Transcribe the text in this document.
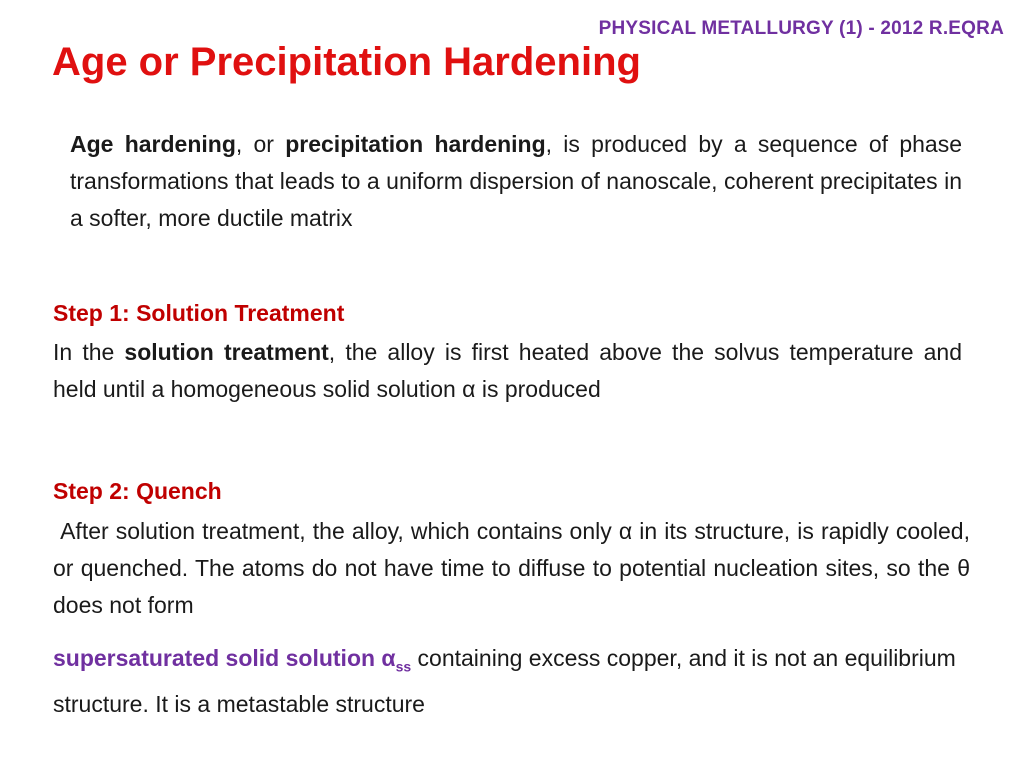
PHYSICAL METALLURGY (1) - 2012 R.EQRA
Age or Precipitation Hardening
Age hardening, or precipitation hardening, is produced by a sequence of phase transformations that leads to a uniform dispersion of nanoscale, coherent precipitates in a softer, more ductile matrix
Step 1: Solution Treatment
In the solution treatment, the alloy is first heated above the solvus temperature and held until a homogeneous solid solution α is produced
Step 2: Quench
After solution treatment, the alloy, which contains only α in its structure, is rapidly cooled, or quenched. The atoms do not have time to diffuse to potential nucleation sites, so the θ does not form
supersaturated solid solution $\alpha_{ss}$ containing excess copper, and it is not an equilibrium structure. It is a metastable structure
